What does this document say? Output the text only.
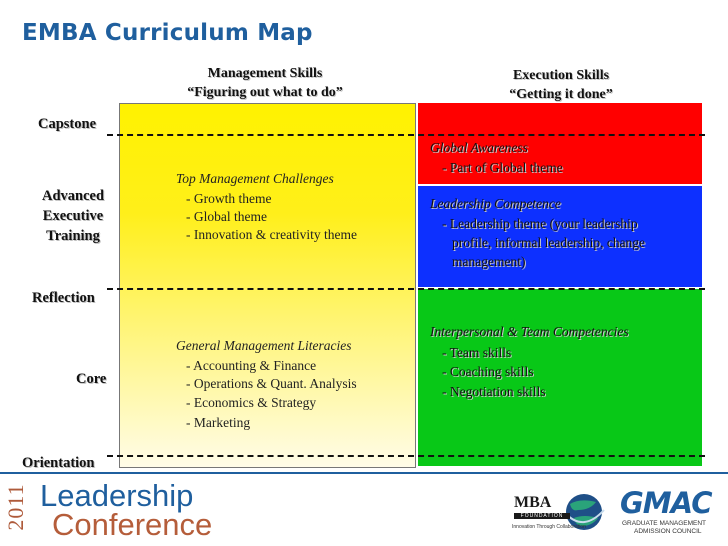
EMBA Curriculum Map
Management Skills
“Figuring out what to do”
Execution Skills
“Getting it done”
Capstone
Advanced
Executive
Training
Reflection
Core
Orientation
Top Management Challenges
- Growth theme
- Global theme
- Innovation & creativity theme
General Management Literacies
- Accounting & Finance
- Operations & Quant. Analysis
- Economics & Strategy
- Marketing
Global Awareness
- Part of Global theme
Leadership Competence
- Leadership theme (your leadership
profile, informal leadership, change
management)
Interpersonal & Team Competencies
- Team skills
- Coaching skills
- Negotiation skills
2011 Leadership
Conference
MBA
FOUNDATION
Innovation Through Collaboration
GMAC
GRADUATE MANAGEMENT
ADMISSION COUNCIL
